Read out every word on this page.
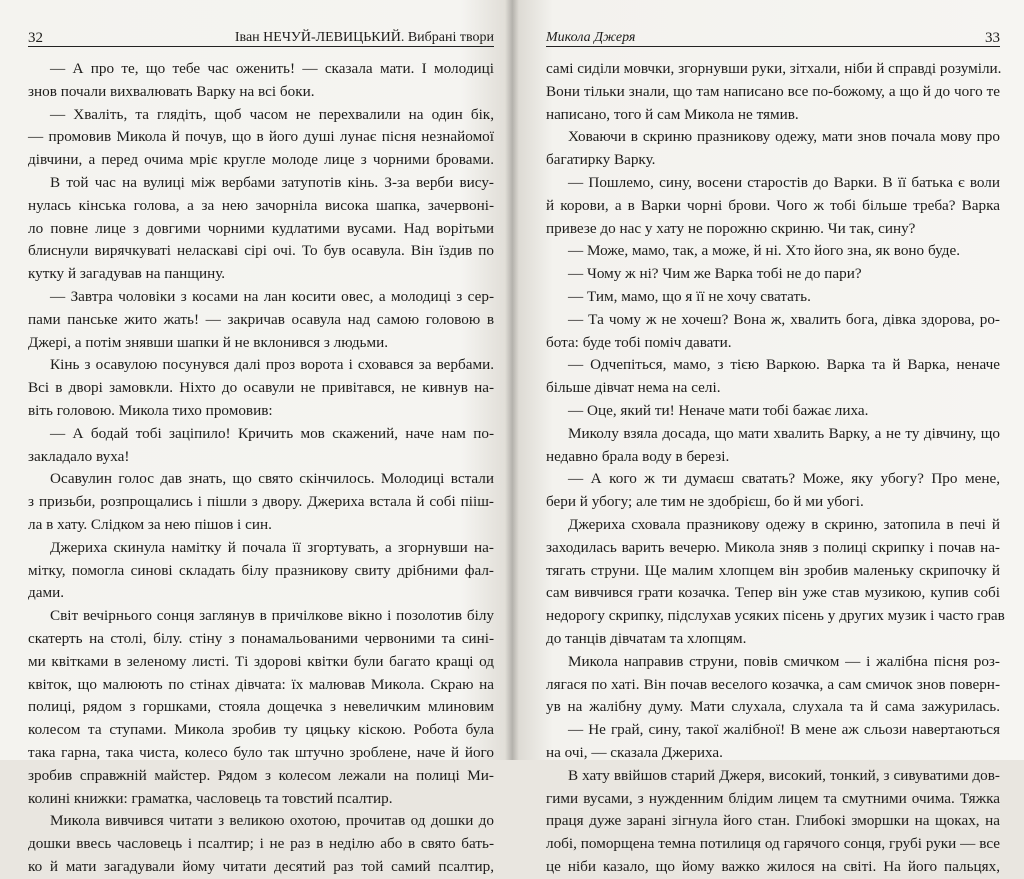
32	Іван НЕЧУЙ-ЛЕВИЦЬКИЙ. Вибрані твори
— А про те, що тебе час оженить! — сказала мати. І молодиці
знов почали вихвалювать Варку на всі боки.
— Хваліть, та глядіть, щоб часом не перехвалили на один бік,
— промовив Микола й почув, що в його душі лунає пісня незнайомої
дівчини, а перед очима мріє кругле молоде лице з чорними бровами.
В той час на вулиці між вербами затупотів кінь. З-за верби вису-
нулась кінська голова, а за нею зачорніла висока шапка, зачервоні-
ло повне лице з довгими чорними кудлатими вусами. Над ворітьми
блиснули вирячкуваті неласкаві сірі очі. То був осавула. Він їздив по
кутку й загадував на панщину.
— Завтра чоловіки з косами на лан косити овес, а молодиці з сер-
пами панське жито жать! — закричав осавула над самою головою в
Джері, а потім знявши шапки й не вклонився з людьми.
Кінь з осавулою посунувся далі проз ворота і сховався за вербами.
Всі в дворі замовкли. Ніхто до осавули не привітався, не кивнув на-
віть головою. Микола тихо промовив:
— А бодай тобі заціпило! Кричить мов скажений, наче нам по-
закладало вуха!
Осавулин голос дав знать, що свято скінчилось. Молодиці встали
з призьби, розпрощались і пішли з двору. Джериха встала й собі пііш-
ла в хату. Слідком за нею пішов і син.
Джериха скинула намітку й почала її згортувать, а згорнувши на-
мітку, помогла синові складать білу празникову свиту дрібними фал-
дами.
Світ вечірнього сонця заглянув в причілкове вікно і позолотив білу
скатерть на столі, білу. стіну з понамальованими червоними та сині-
ми квітками в зеленому листі. Ті здорові квітки були багато кращі од
квіток, що малюють по стінах дівчата: їх малював Микола. Скраю на
полиці, рядом з горшками, стояла дощечка з невеличким млиновим
колесом та ступами. Микола зробив ту цяцьку кіскою. Робота була
така гарна, така чиста, колесо було так штучно зроблене, наче й його
зробив справжній майстер. Рядом з колесом лежали на полиці Ми-
колині книжки: граматка, часловець та товстий псалтир.
Микола вивчився читати з великою охотою, прочитав од дошки до
дошки ввесь часловець і псалтир; і не раз в неділю або в свято бать-
ко й мати загадували йому читати десятий раз той самий псалтир,
Микола Джеря	33
самі сиділи мовчки, згорнувши руки, зітхали, ніби й справді розуміли.
Вони тільки знали, що там написано все по-божому, а що й до чого те
написано, того й сам Микола не тямив.
Ховаючи в скриню празникову одежу, мати знов почала мову про
багатирку Варку.
— Пошлемо, сину, восени старостів до Варки. В її батька є воли
й корови, а в Варки чорні брови. Чого ж тобі більше треба? Варка
привезе до нас у хату не порожню скриню. Чи так, сину?
— Може, мамо, так, а може, й ні. Хто його зна, як воно буде.
— Чому ж ні? Чим же Варка тобі не до пари?
— Тим, мамо, що я її не хочу сватать.
— Та чому ж не хочеш? Вона ж, хвалить бога, дівка здорова, ро-
бота: буде тобі поміч давати.
— Одчепіться, мамо, з тією Варкою. Варка та й Варка, неначе
більше дівчат нема на селі.
— Оце, який ти! Неначе мати тобі бажає лиха.
Миколу взяла досада, що мати хвалить Варку, а не ту дівчину, що
недавно брала воду в березі.
— А кого ж ти думаєш сватать? Може, яку убогу? Про мене,
бери й убогу; але тим не здобрієш, бо й ми убогі.
Джериха сховала празникову одежу в скриню, затопила в печі й
заходилась варить вечерю. Микола зняв з полиці скрипку і почав на-
тягать струни. Ще малим хлопцем він зробив маленьку скрипочку й
сам вивчився грати козачка. Тепер він уже став музикою, купив собі
недорогу скрипку, підслухав усяких пісень у других музик і часто грав
до танців дівчатам та хлопцям.
Микола направив струни, повів смичком — і жалібна пісня роз-
лягася по хаті. Він почав веселого козачка, а сам смичок знов поверн-
ув на жалібну думу. Мати слухала, слухала та й сама зажурилась.
— Не грай, сину, такої жалібної! В мене аж сльози навертаються
на очі, — сказала Джериха.
В хату ввійшов старий Джеря, високий, тонкий, з сивуватими дов-
гими вусами, з нужденним блідим лицем та смутними очима. Тяжка
праця дуже зарані зігнула його стан. Глибокі зморшки на щоках, на
лобі, поморщена темна потилиця од гарячого сонця, грубі руки — все
це ніби казало, що йому важко жилося на світі. На його пальцях,
